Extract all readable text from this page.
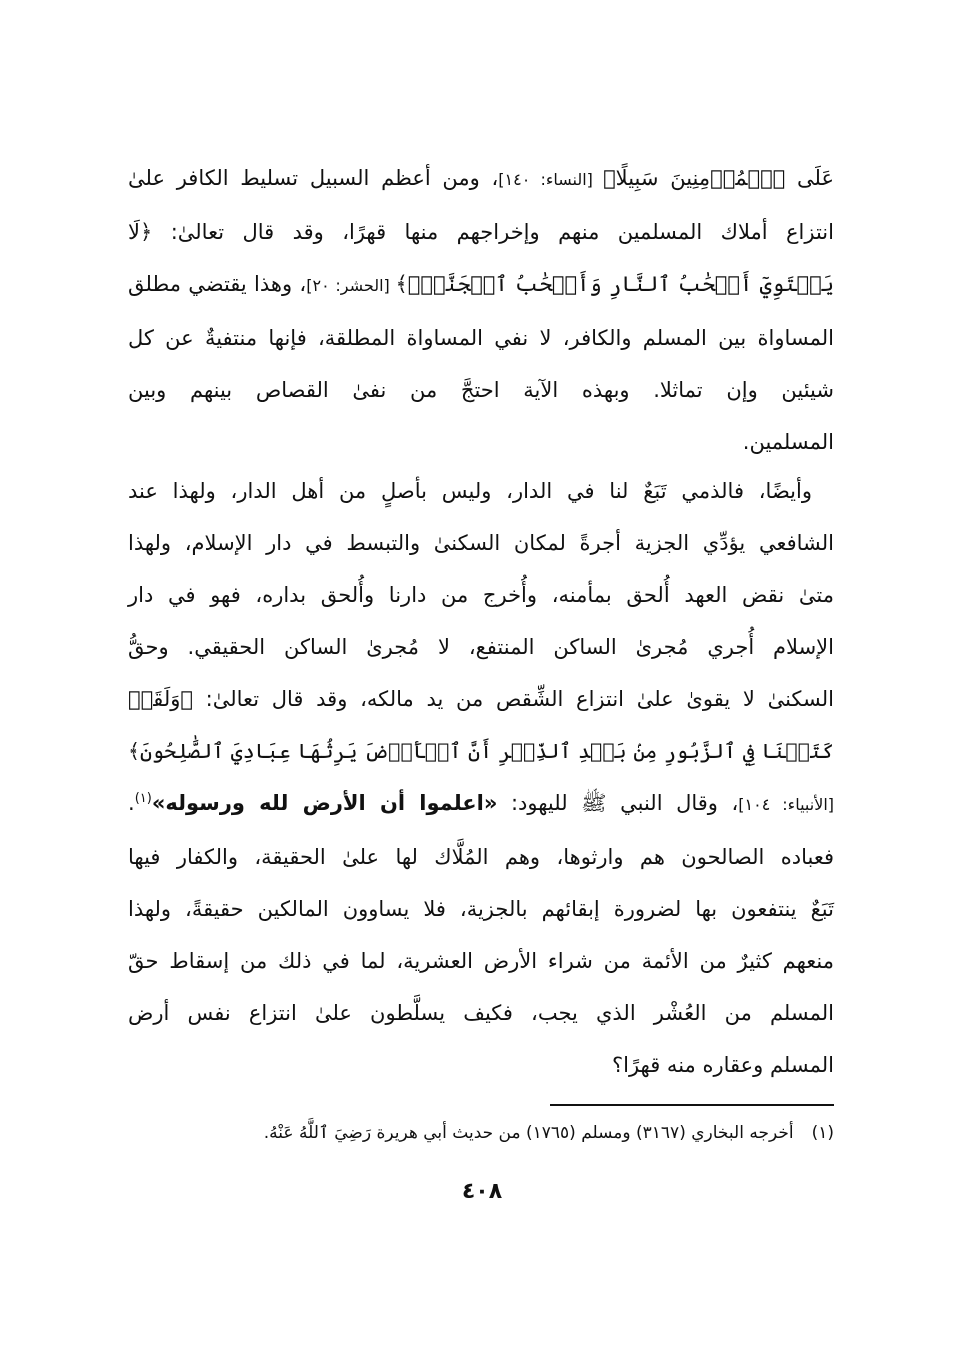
عَلَى ٱلۡمُؤۡمِنِينَ سَبِيلًا﴾ [النساء: ١٤٠]، ومن أعظم السبيل تسليط الكافر علىٰ
انتزاع أملاك المسلمين منهم وإخراجهم منها قهرًا، وقد قال تعالىٰ: ﴿لَا
يَسۡتَوِيٓ أَصۡحَٰبُ ٱلنَّارِ وَأَصۡحَٰبُ ٱلۡجَنَّةِۚ﴾ [الحشر: ٢٠]، وهذا يقتضي مطلق
المساواة بين المسلم والكافر، لا نفي المساواة المطلقة، فإنها منتفيةٌ عن كل
شيئين وإن تماثلا. وبهذه الآية احتجَّ من نفىٰ القصاص بينهم وبين
المسلمين.
وأيضًا، فالذمي تَبَعٌ لنا في الدار، وليس بأصلٍ من أهل الدار، ولهذا عند
الشافعي يؤدِّي الجزية أجرةً لمكان السكنىٰ والتبسط في دار الإسلام، ولهذا
متىٰ نقض العهد أُلحق بمأمنه، وأُخرج من دارنا وأُلحق بداره، فهو في دار
الإسلام أُجري مُجرىٰ الساكن المنتفع، لا مُجرىٰ الساكن الحقيقي. وحقُّ
السكنىٰ لا يقوىٰ علىٰ انتزاع الشِّقص من يد مالكه، وقد قال تعالىٰ: ﴿وَلَقَدۡ
كَتَبۡنَا فِي ٱلزَّبُورِ مِنۢ بَعۡدِ ٱلذِّكۡرِ أَنَّ ٱلۡأَرۡضَ يَرِثُهَا عِبَادِيَ ٱلصَّٰلِحُونَ﴾
[الأنبياء: ١٠٤]، وقال النبي ﷺ لليهود: «اعلموا أن الأرض لله ورسوله»$^{(١)}$.
فعباده الصالحون هم وارثوها، وهم المُلَّاك لها علىٰ الحقيقة، والكفار فيها
تَبَعٌ ينتفعون بها لضرورة إبقائهم بالجزية، فلا يساوون المالكين حقيقةً، ولهذا
منعهم كثيرٌ من الأئمة من شراء الأرض العشرية، لما في ذلك من إسقاط حقّ
المسلم من العُشْر الذي يجب، فكيف يسلَّطون علىٰ انتزاع نفس أرض
المسلم وعقاره منه قهرًا؟
(١)أخرجه البخاري (٣١٦٧) ومسلم (١٧٦٥) من حديث أبي هريرة رَضِيَ ٱللَّهُ عَنْهُ.
٤٠٨
